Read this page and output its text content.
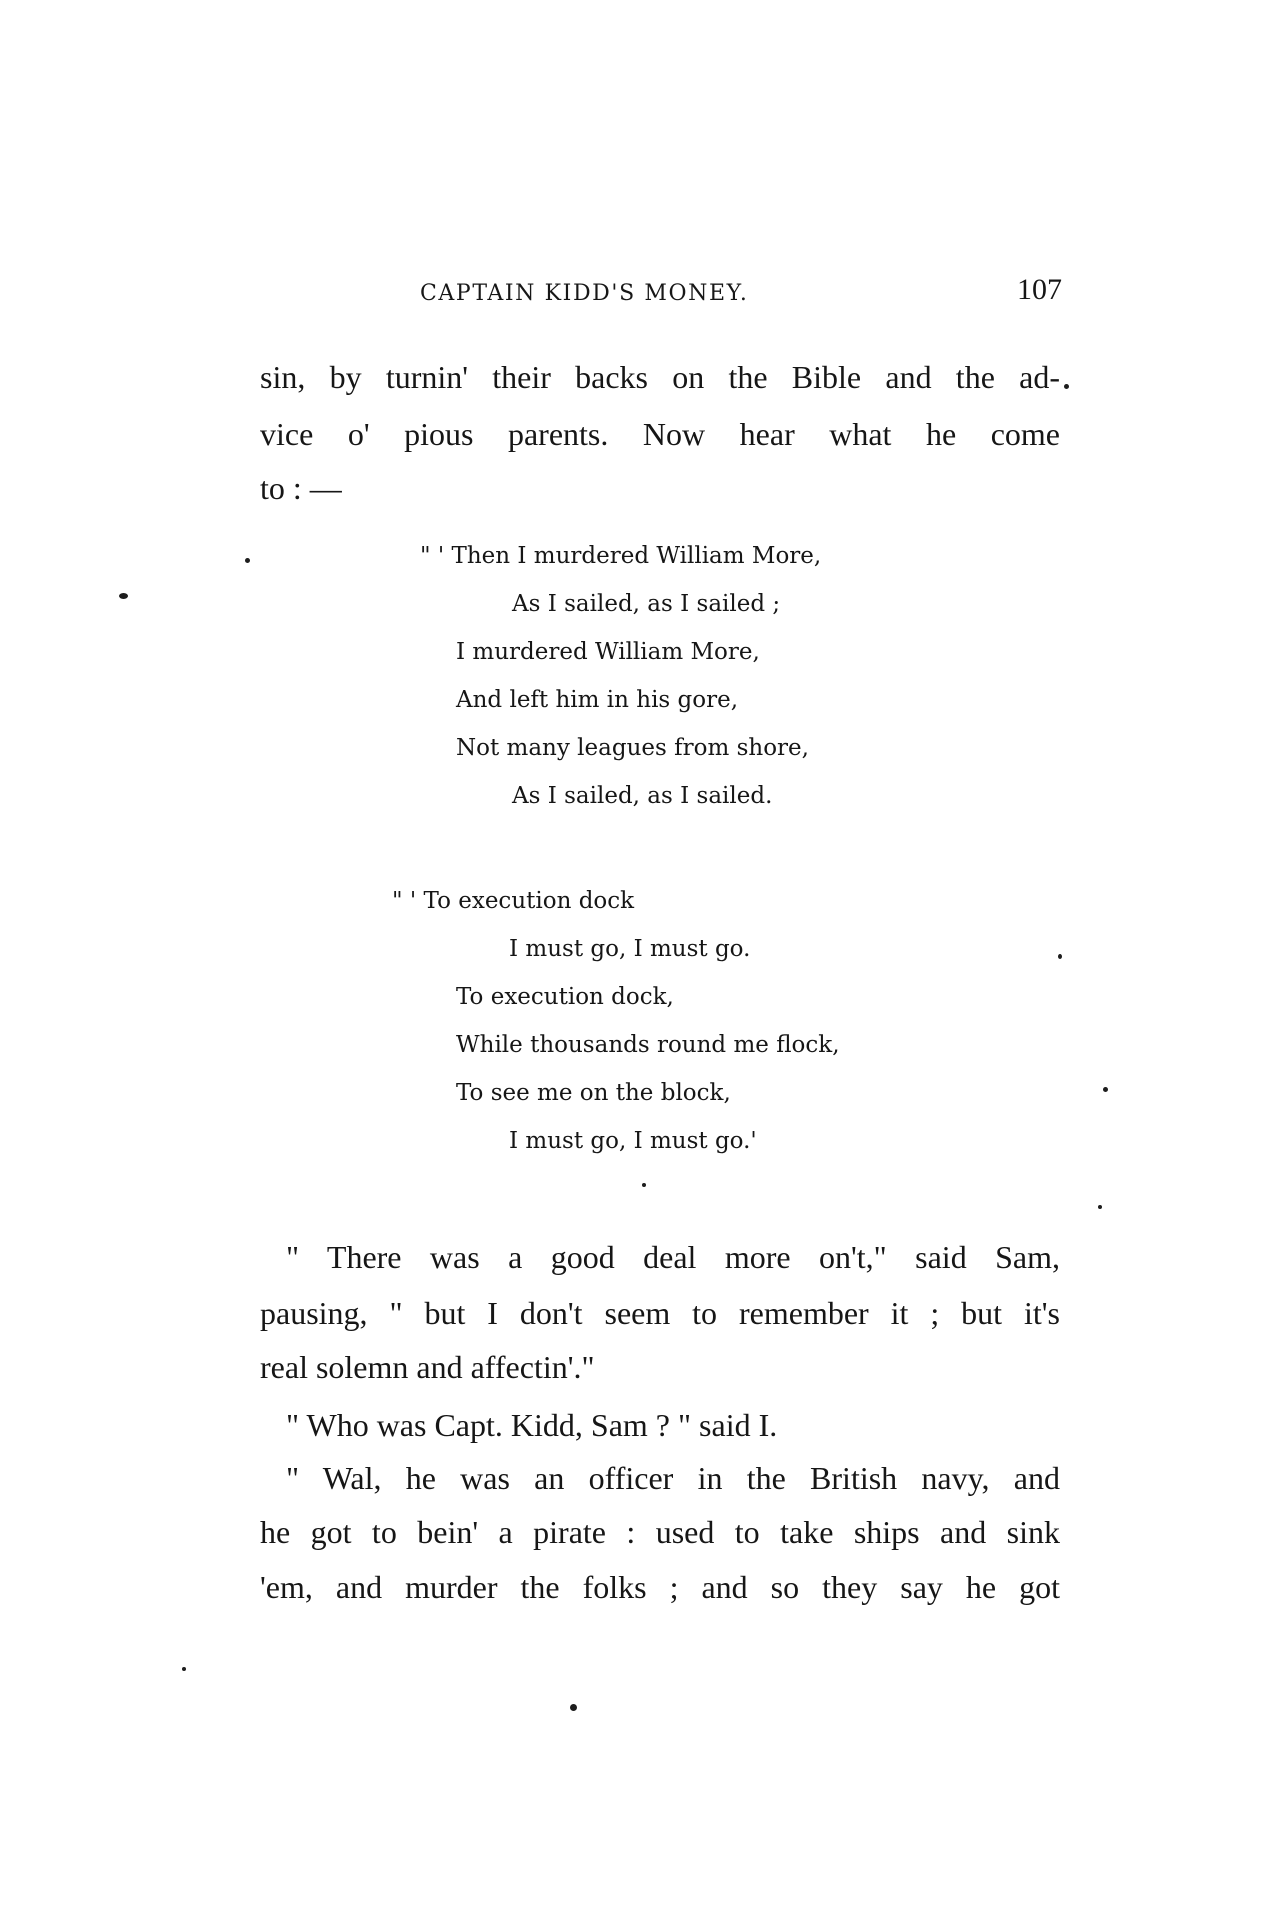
CAPTAIN KIDD'S MONEY.	107
sin, by turnin' their backs on the Bible and the ad-
vice o' pious parents. Now hear what he come
to : —
" ' Then I murdered William More,
As I sailed, as I sailed ;
I murdered William More,
And left him in his gore,
Not many leagues from shore,
As I sailed, as I sailed.
" ' To execution dock
I must go, I must go.
To execution dock,
While thousands round me flock,
To see me on the block,
I must go, I must go.'
" There was a good deal more on't," said Sam,
pausing, " but I don't seem to remember it ; but it's
real solemn and affectin'."
" Who was Capt. Kidd, Sam ? " said I.
" Wal, he was an officer in the British navy, and
he got to bein' a pirate : used to take ships and sink
'em, and murder the folks ; and so they say he got
